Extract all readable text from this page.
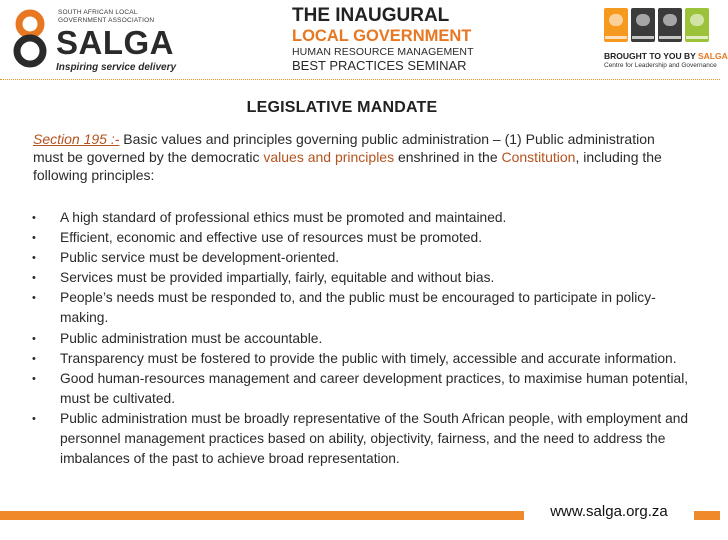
SOUTH AFRICAN LOCAL
GOVERNMENT ASSOCIATION
SALGA
Inspiring service delivery
THE INAUGURAL
LOCAL GOVERNMENT
HUMAN RESOURCE MANAGEMENT
BEST PRACTICES SEMINAR
BROUGHT TO YOU BY SALGA
Centre for Leadership and Governance
LEGISLATIVE MANDATE
Section 195 :- Basic values and principles governing public administration – (1) Public administration must be governed by the democratic values and principles enshrined in the Constitution, including the following principles:
• A high standard of professional ethics must be promoted and maintained.
• Efficient, economic and effective use of resources must be promoted.
• Public service must be development-oriented.
• Services must be provided impartially, fairly, equitable and without bias.
• People’s needs must be responded to, and the public must be encouraged to participate in policy-making.
• Public administration must be accountable.
• Transparency must be fostered to provide the public with timely, accessible and accurate information.
• Good human-resources management and career development practices, to maximise human potential, must be cultivated.
• Public administration must be broadly representative of the South African people, with employment and personnel management practices based on ability, objectivity, fairness, and the need to address the imbalances of the past to achieve broad representation.
www.salga.org.za
